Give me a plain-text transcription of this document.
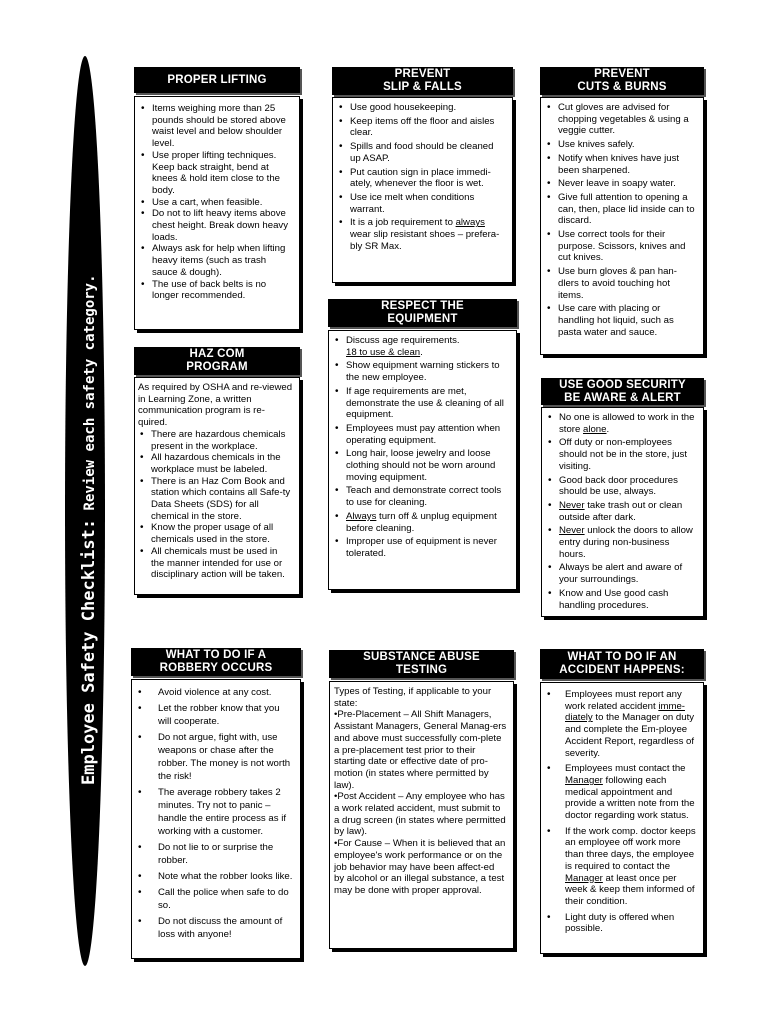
Employee Safety Checklist: Review each safety category.
PROPER LIFTING
• Items weighing more than 25 pounds should be stored above waist level and below shoulder level.
• Use proper lifting techniques. Keep back straight, bend at knees & hold item close to the body.
• Use a cart, when feasible.
• Do not to lift heavy items above chest height. Break down heavy loads.
• Always ask for help when lifting heavy items (such as trash sauce & dough).
• The use of back belts is no longer recommended.
PREVENT
SLIP & FALLS
• Use good housekeeping.
• Keep items off the floor and aisles clear.
• Spills and food should be cleaned up ASAP.
• Put caution sign in place immedi-ately, whenever the floor is wet.
• Use ice melt when conditions warrant.
• It is a job requirement to always wear slip resistant shoes – prefera-bly SR Max.
PREVENT
CUTS & BURNS
• Cut gloves are advised for chopping vegetables & using a veggie cutter.
• Use knives safely.
• Notify when knives have just been sharpened.
• Never leave in soapy water.
• Give full attention to opening a can, then, place lid inside can to discard.
• Use correct tools for their purpose. Scissors, knives and cut knives.
• Use burn gloves & pan han-dlers to avoid touching hot items.
• Use care with placing or handling hot liquid, such as pasta water and sauce.
HAZ COM
PROGRAM

As required by OSHA and re-viewed in Learning Zone, a written communication program is re-quired.

• There are hazardous chemicals present in the workplace.
• All hazardous chemicals in the workplace must be labeled.
• There is an Haz Com Book and station which contains all Safe-ty Data Sheets (SDS) for all chemical in the store.
• Know the proper usage of all chemicals used in the store.
• All chemicals must be used in the manner intended for use or disciplinary action will be taken.
RESPECT THE
EQUIPMENT
• Discuss age requirements.
18 to use & clean.
• Show equipment warning stickers to the new employee.
• If age requirements are met, demonstrate the use & cleaning of all equipment.
• Employees must pay attention when operating equipment.
• Long hair, loose jewelry and loose clothing should not be worn around moving equipment.
• Teach and demonstrate correct tools to use for cleaning.
• Always turn off & unplug equipment before cleaning.
• Improper use of equipment is never tolerated.
USE GOOD SECURITY
BE AWARE & ALERT
• No one is allowed to work in the store alone.
• Off duty or non-employees should not be in the store, just visiting.
• Good back door procedures should be use, always.
• Never take trash out or clean outside after dark.
• Never unlock the doors to allow entry during non-business hours.
• Always be alert and aware of your surroundings.
• Know and Use good cash handling procedures.
WHAT TO DO IF A
ROBBERY OCCURS
• Avoid violence at any cost.
• Let the robber know that you will cooperate.
• Do not argue, fight with, use weapons or chase after the robber. The money is not worth the risk!
• The average robbery takes 2 minutes. Try not to panic – handle the entire process as if working with a customer.
• Do not lie to or surprise the robber.
• Note what the robber looks like.
• Call the police when safe to do so.
• Do not discuss the amount of loss with anyone!
SUBSTANCE ABUSE
TESTING

Types of Testing, if applicable to your state:
•Pre-Placement – All Shift Managers, Assistant Managers, General Manag-ers and above must successfully com-plete a pre-placement test prior to their starting date or effective date of pro-motion (in states where permitted by law).

•Post Accident – Any employee who has a work related accident, must submit to a drug screen (in states where permitted by law).

•For Cause – When it is believed that an employee's work performance or on the job behavior may have been affect-ed by alcohol or an illegal substance, a test may be done with proper approval.

WHAT TO DO IF AN
ACCIDENT HAPPENS:
• Employees must report any work related accident imme-diately to the Manager on duty and complete the Em-ployee Accident Report, regardless of severity.
• Employees must contact the Manager following each medical appointment and provide a written note from the doctor regarding work status.
• If the work comp. doctor keeps an employee off work more than three days, the employee is required to contact the Manager at least once per week & keep them informed of their condition.
• Light duty is offered when possible.
